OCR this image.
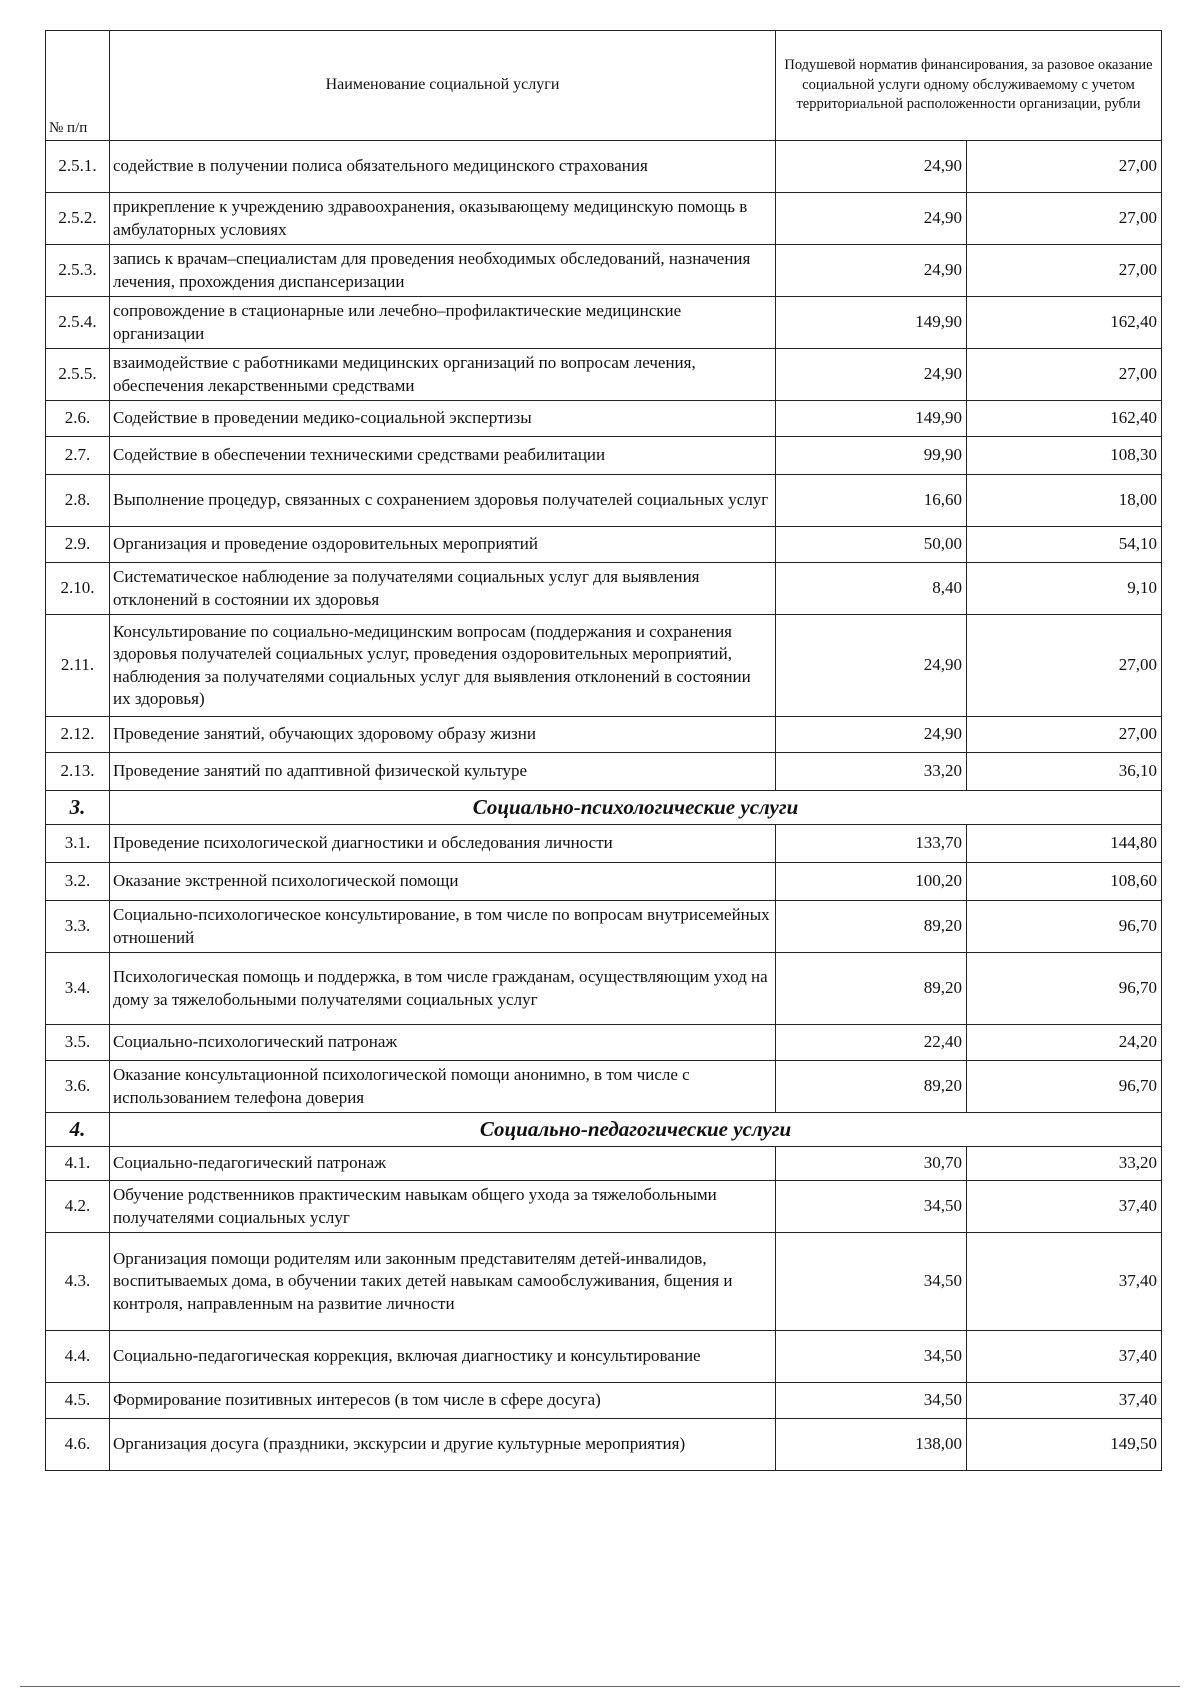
№ п/п	Наименование социальной услуги	Подушевой норматив финансирования, за разовое оказание социальной услуги одному обслуживаемому с учетом территориальной расположенности организации, рубли	
2.5.1.	содействие в получении полиса обязательного медицинского страхования	24,90	27,00
2.5.2.	прикрепление к учреждению здравоохранения, оказывающему медицинскую помощь в амбулаторных условиях	24,90	27,00
2.5.3.	запись к врачам–специалистам для проведения необходимых обследований, назначения лечения, прохождения диспансеризации	24,90	27,00
2.5.4.	сопровождение в стационарные или лечебно–профилактические медицинские организации	149,90	162,40
2.5.5.	взаимодействие с работниками медицинских организаций по вопросам лечения, обеспечения лекарственными средствами	24,90	27,00
2.6.	Содействие в проведении медико-социальной экспертизы	149,90	162,40
2.7.	Содействие в обеспечении техническими средствами реабилитации	99,90	108,30
2.8.	Выполнение процедур, связанных с сохранением здоровья получателей социальных услуг	16,60	18,00
2.9.	Организация и проведение оздоровительных мероприятий	50,00	54,10
2.10.	Систематическое наблюдение за получателями социальных услуг для выявления отклонений в состоянии их здоровья	8,40	9,10
2.11.	Консультирование по социально-медицинским вопросам (поддержания и сохранения здоровья получателей социальных услуг, проведения оздоровительных мероприятий, наблюдения за получателями социальных услуг для выявления отклонений в состоянии их здоровья)	24,90	27,00
2.12.	Проведение занятий, обучающих здоровому образу жизни	24,90	27,00
2.13.	Проведение занятий по адаптивной физической культуре	33,20	36,10
3.	Социально-психологические услуги		
3.1.	Проведение психологической диагностики и обследования личности	133,70	144,80
3.2.	Оказание экстренной психологической помощи	100,20	108,60
3.3.	Социально-психологическое консультирование, в том числе по вопросам внутрисемейных отношений	89,20	96,70
3.4.	Психологическая помощь и поддержка, в том числе гражданам, осуществляющим уход на дому за тяжелобольными получателями социальных услуг	89,20	96,70
3.5.	Социально-психологический патронаж	22,40	24,20
3.6.	Оказание консультационной психологической помощи анонимно, в том числе с использованием телефона доверия	89,20	96,70
4.	Социально-педагогические услуги		
4.1.	Социально-педагогический патронаж	30,70	33,20
4.2.	Обучение родственников практическим навыкам общего ухода за тяжелобольными получателями социальных услуг	34,50	37,40
4.3.	Организация помощи родителям или законным представителям детей-инвалидов, воспитываемых дома, в обучении таких детей навыкам самообслуживания, бщения и контроля, направленным на развитие личности	34,50	37,40
4.4.	Социально-педагогическая коррекция, включая диагностику и консультирование	34,50	37,40
4.5.	Формирование позитивных интересов (в том числе в сфере досуга)	34,50	37,40
4.6.	Организация досуга (праздники, экскурсии и другие культурные мероприятия)	138,00	149,50
